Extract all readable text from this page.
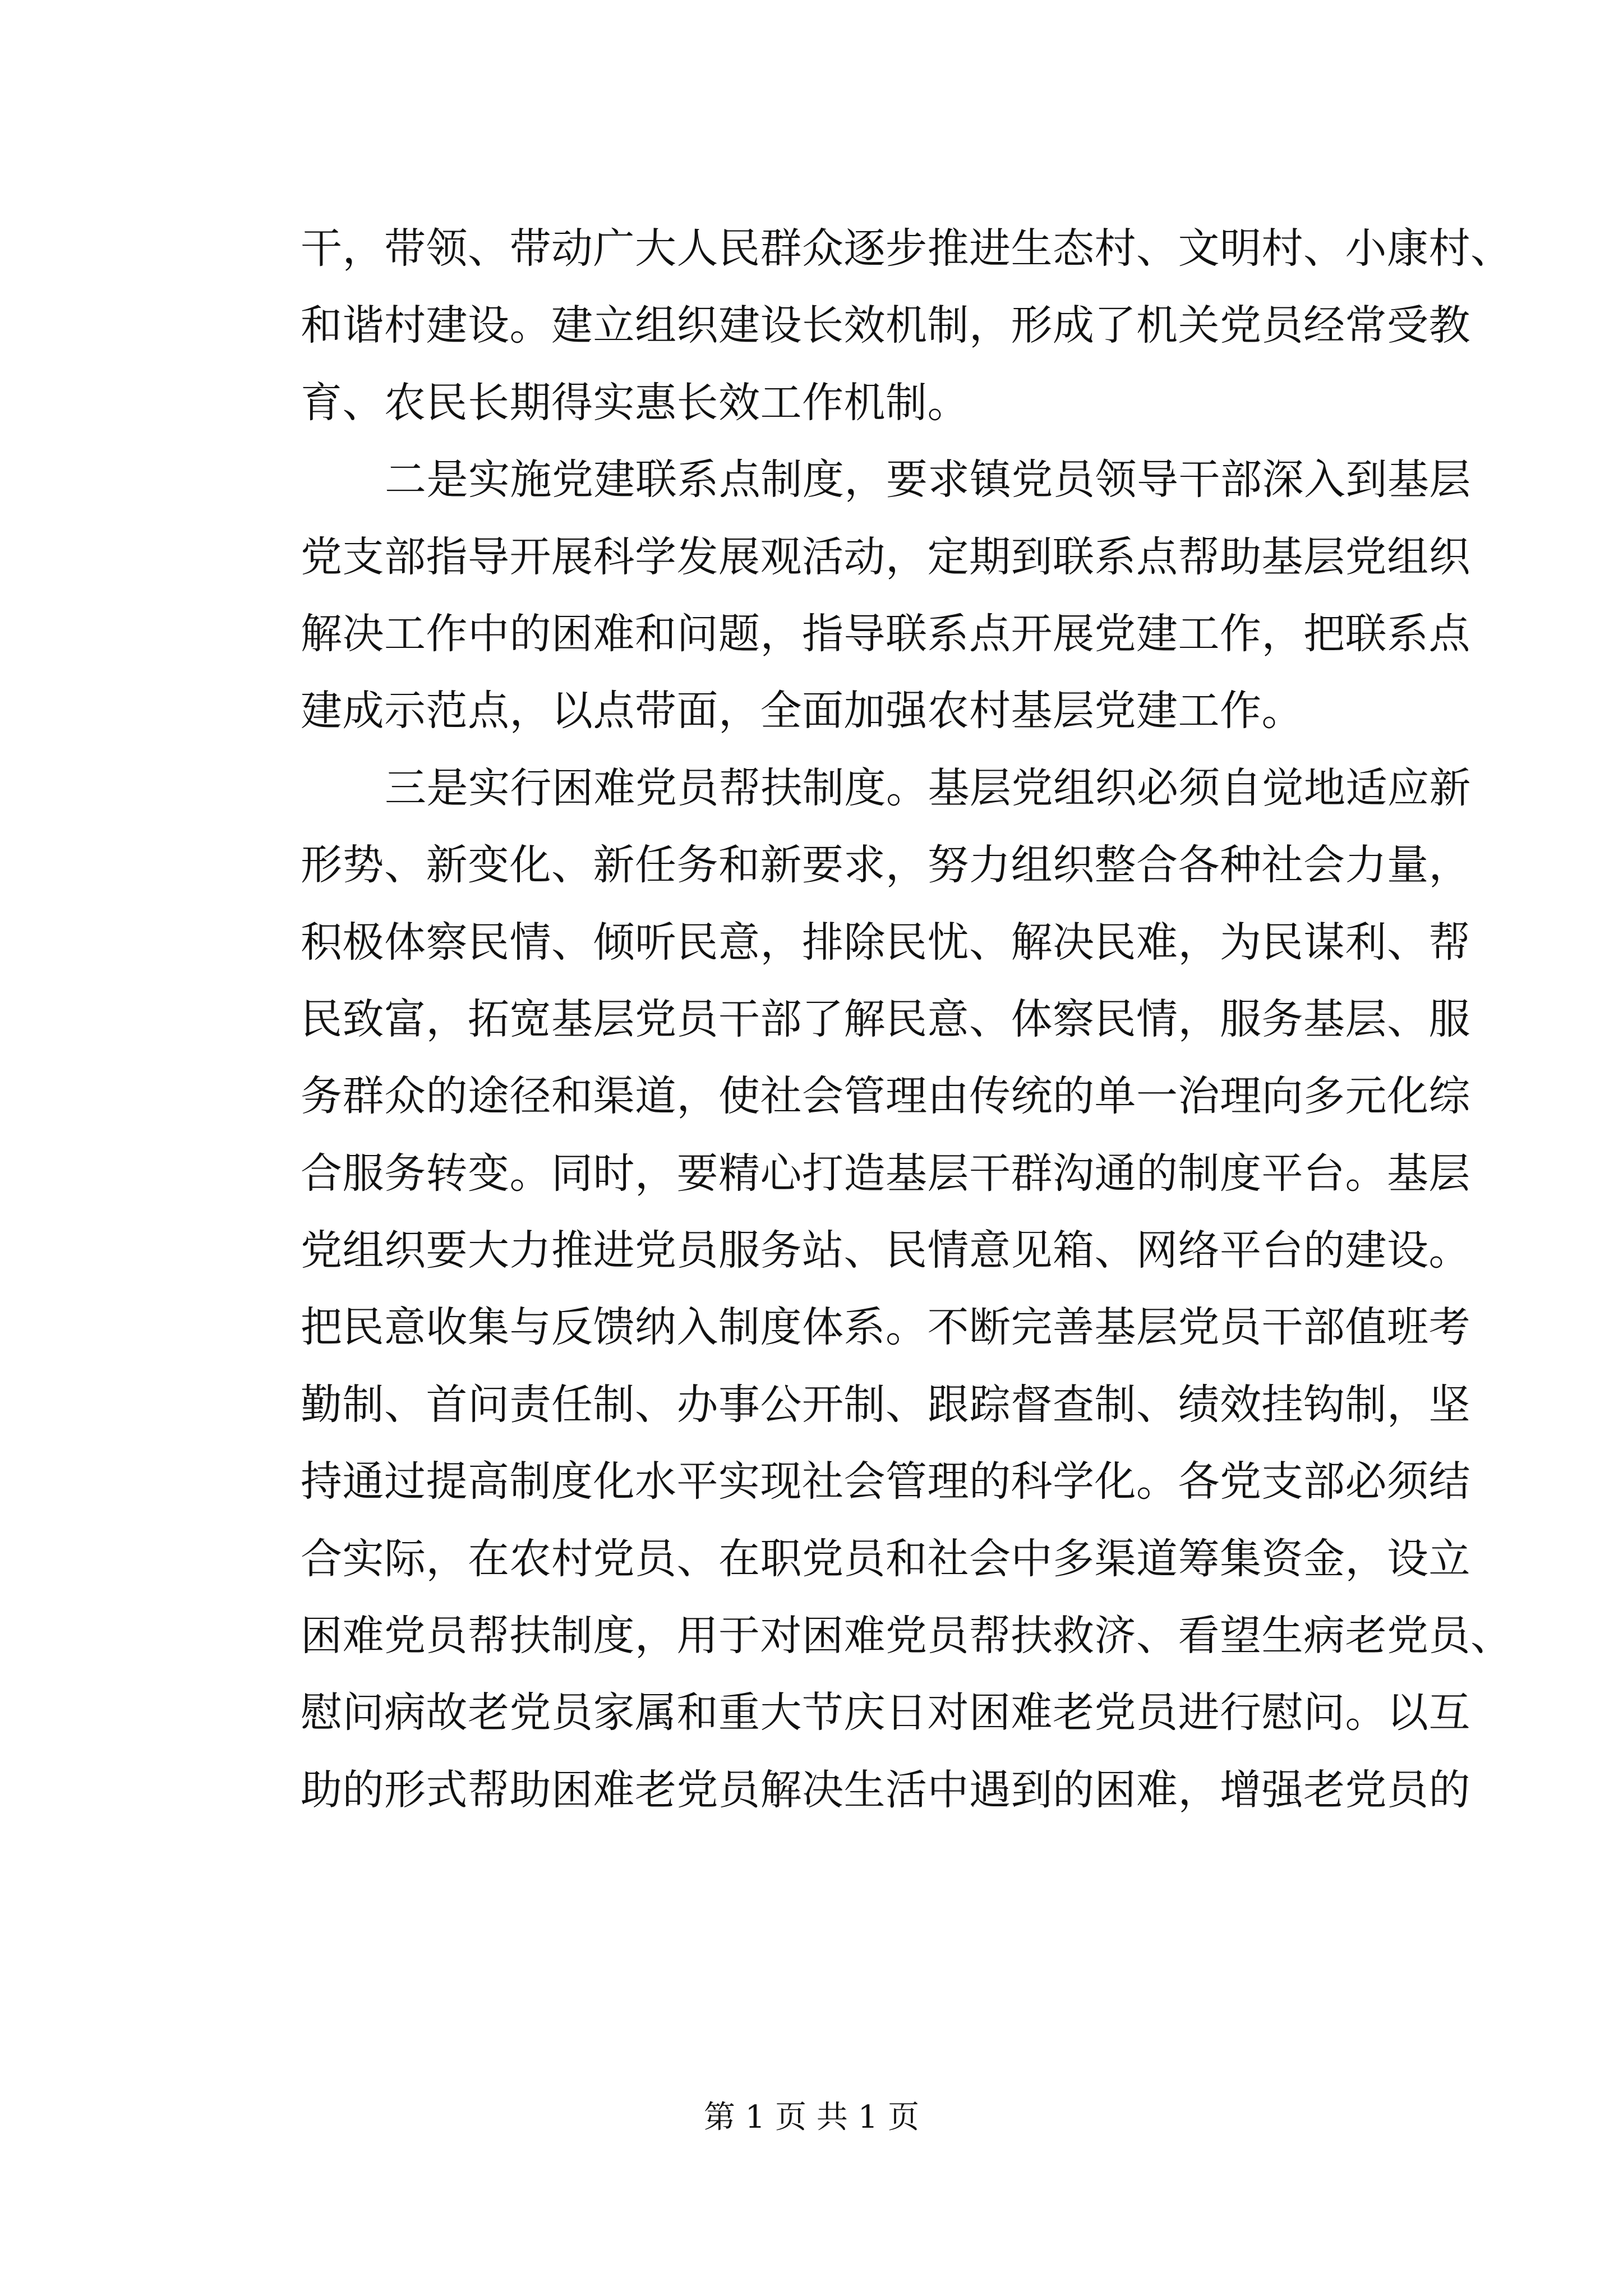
干，带领、带动广大人民群众逐步推进生态村、文明村、小康村、
和谐村建设。建立组织建设长效机制，形成了机关党员经常受教
育、农民长期得实惠长效工作机制。
二是实施党建联系点制度，要求镇党员领导干部深入到基层
党支部指导开展科学发展观活动，定期到联系点帮助基层党组织
解决工作中的困难和问题，指导联系点开展党建工作，把联系点
建成示范点，以点带面，全面加强农村基层党建工作。
三是实行困难党员帮扶制度。基层党组织必须自觉地适应新
形势、新变化、新任务和新要求，努力组织整合各种社会力量，
积极体察民情、倾听民意，排除民忧、解决民难，为民谋利、帮
民致富，拓宽基层党员干部了解民意、体察民情，服务基层、服
务群众的途径和渠道，使社会管理由传统的单一治理向多元化综
合服务转变。同时，要精心打造基层干群沟通的制度平台。基层
党组织要大力推进党员服务站、民情意见箱、网络平台的建设。
把民意收集与反馈纳入制度体系。不断完善基层党员干部值班考
勤制、首问责任制、办事公开制、跟踪督查制、绩效挂钩制，坚
持通过提高制度化水平实现社会管理的科学化。各党支部必须结
合实际，在农村党员、在职党员和社会中多渠道筹集资金，设立
困难党员帮扶制度，用于对困难党员帮扶救济、看望生病老党员、
慰问病故老党员家属和重大节庆日对困难老党员进行慰问。以互
助的形式帮助困难老党员解决生活中遇到的困难，增强老党员的
第 1 页 共 1 页
